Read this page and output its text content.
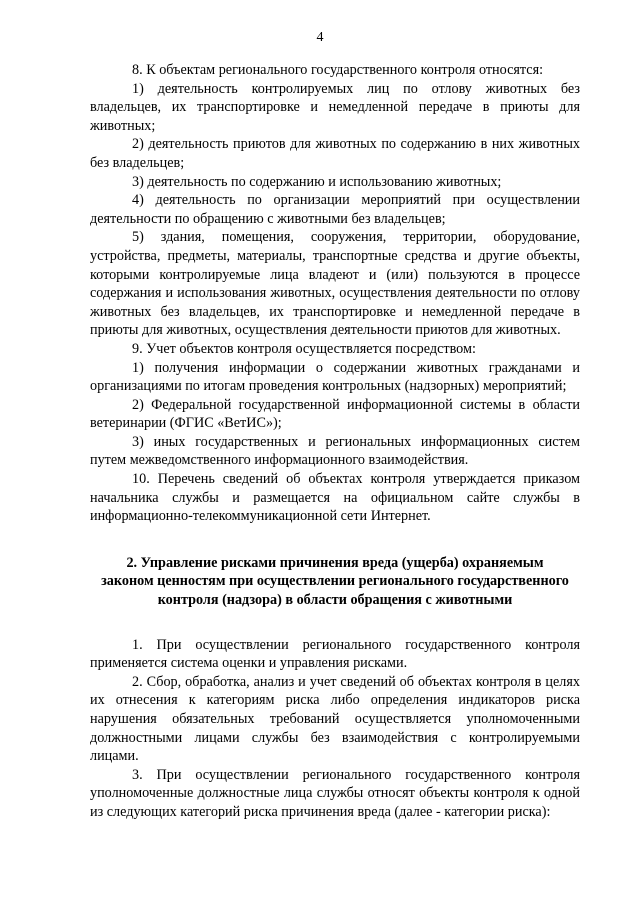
4

8. К объектам регионального государственного контроля относятся:

1) деятельность контролируемых лиц по отлову животных без владельцев, их транспортировке и немедленной передаче в приюты для животных;

2) деятельность приютов для животных по содержанию в них животных без владельцев;

3) деятельность по содержанию и использованию животных;

4) деятельность по организации мероприятий при осуществлении деятельности по обращению с животными без владельцев;

5) здания, помещения, сооружения, территории, оборудование, устройства, предметы, материалы, транспортные средства и другие объекты, которыми контролируемые лица владеют и (или) пользуются в процессе содержания и использования животных, осуществления деятельности по отлову животных без владельцев, их транспортировке и немедленной передаче в приюты для животных, осуществления деятельности приютов для животных.

9. Учет объектов контроля осуществляется посредством:

1) получения информации о содержании животных гражданами и организациями по итогам проведения контрольных (надзорных) мероприятий;

2) Федеральной государственной информационной системы в области ветеринарии (ФГИС «ВетИС»);

3) иных государственных и региональных информационных систем путем межведомственного информационного взаимодействия.

10. Перечень сведений об объектах контроля утверждается приказом начальника службы и размещается на официальном сайте службы в информационно-телекоммуникационной сети Интернет.

2. Управление рисками причинения вреда (ущерба) охраняемым законом ценностям при осуществлении регионального государственного контроля (надзора) в области обращения с животными

1. При осуществлении регионального государственного контроля применяется система оценки и управления рисками.

2. Сбор, обработка, анализ и учет сведений об объектах контроля в целях их отнесения к категориям риска либо определения индикаторов риска нарушения обязательных требований осуществляется уполномоченными должностными лицами службы без взаимодействия с контролируемыми лицами.

3. При осуществлении регионального государственного контроля уполномоченные должностные лица службы относят объекты контроля к одной из следующих категорий риска причинения вреда (далее - категории риска):
